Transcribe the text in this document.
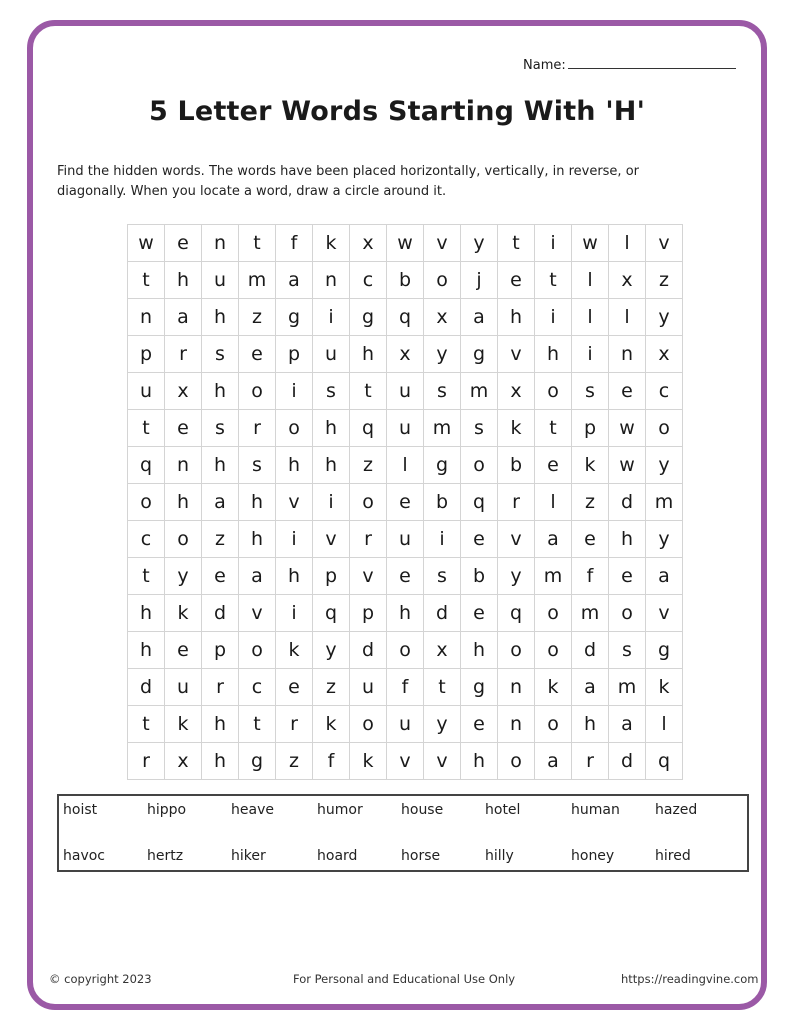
Name:
5 Letter Words Starting With 'H'
Find the hidden words. The words have been placed horizontally, vertically, in reverse, or diagonally. When you locate a word, draw a circle around it.
w	e	n	t	f	k	x	w	v	y	t	i	w	l	v
t	h	u	m	a	n	c	b	o	j	e	t	l	x	z
n	a	h	z	g	i	g	q	x	a	h	i	l	l	y
p	r	s	e	p	u	h	x	y	g	v	h	i	n	x
u	x	h	o	i	s	t	u	s	m	x	o	s	e	c
t	e	s	r	o	h	q	u	m	s	k	t	p	w	o
q	n	h	s	h	h	z	l	g	o	b	e	k	w	y
o	h	a	h	v	i	o	e	b	q	r	l	z	d	m
c	o	z	h	i	v	r	u	i	e	v	a	e	h	y
t	y	e	a	h	p	v	e	s	b	y	m	f	e	a
h	k	d	v	i	q	p	h	d	e	q	o	m	o	v
h	e	p	o	k	y	d	o	x	h	o	o	d	s	g
d	u	r	c	e	z	u	f	t	g	n	k	a	m	k
t	k	h	t	r	k	o	u	y	e	n	o	h	a	l
r	x	h	g	z	f	k	v	v	h	o	a	r	d	q
hoist	hippo	heave	humor	house	hotel	human	hazed
havoc	hertz	hiker	hoard	horse	hilly	honey	hired
© copyright 2023	For Personal and Educational Use Only	https://readingvine.com
